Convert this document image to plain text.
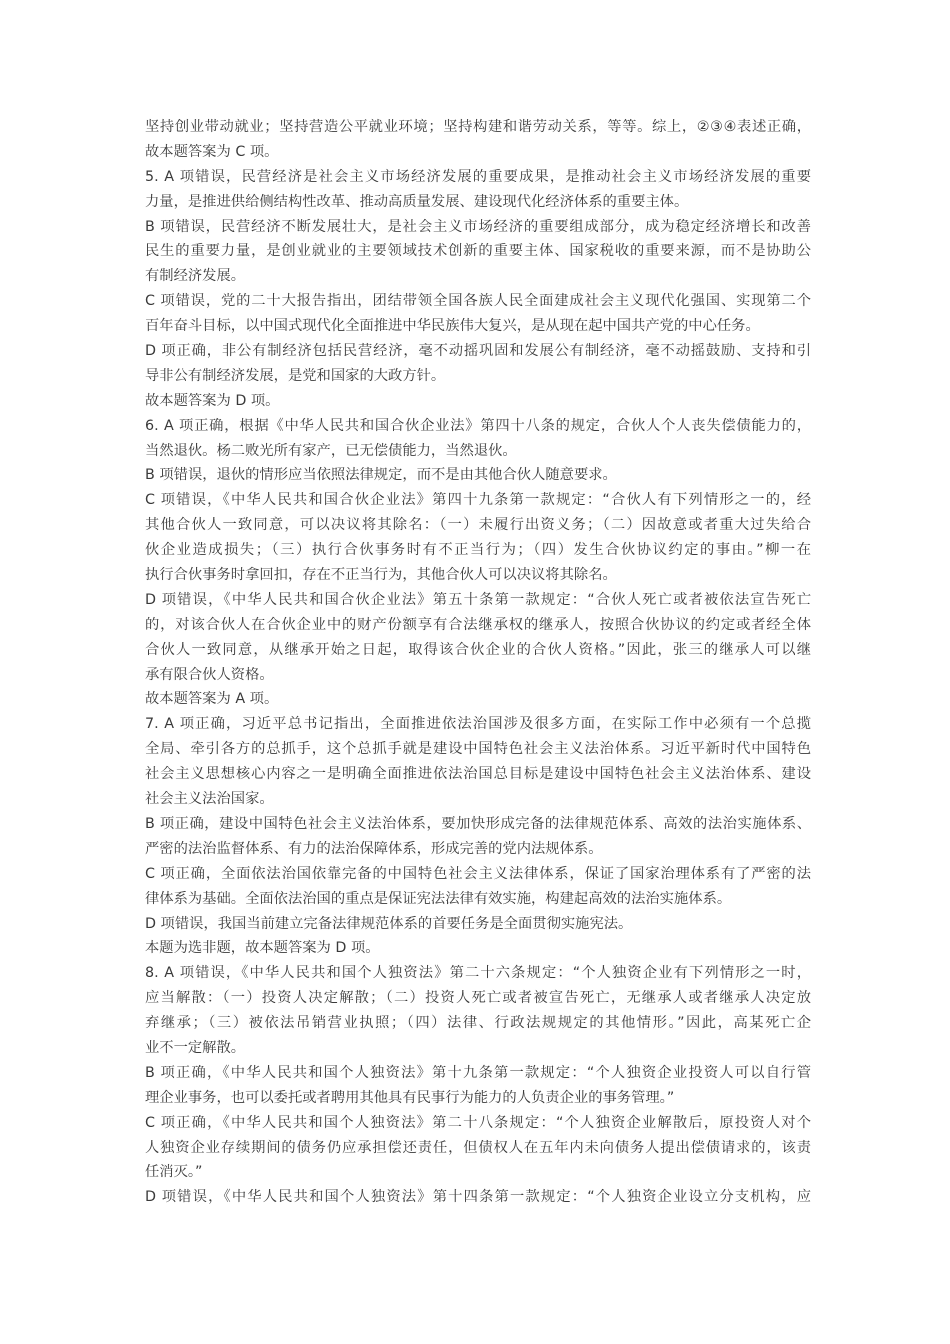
坚持创业带动就业；坚持营造公平就业环境；坚持构建和谐劳动关系，等等。综上，②③④表述正确，
故本题答案为 C 项。
5. A 项错误，民营经济是社会主义市场经济发展的重要成果，是推动社会主义市场经济发展的重要
力量，是推进供给侧结构性改革、推动高质量发展、建设现代化经济体系的重要主体。
B 项错误，民营经济不断发展壮大，是社会主义市场经济的重要组成部分，成为稳定经济增长和改善
民生的重要力量，是创业就业的主要领域技术创新的重要主体、国家税收的重要来源，而不是协助公
有制经济发展。
C 项错误，党的二十大报告指出，团结带领全国各族人民全面建成社会主义现代化强国、实现第二个
百年奋斗目标，以中国式现代化全面推进中华民族伟大复兴，是从现在起中国共产党的中心任务。
D 项正确，非公有制经济包括民营经济，毫不动摇巩固和发展公有制经济，毫不动摇鼓励、支持和引
导非公有制经济发展，是党和国家的大政方针。
故本题答案为 D 项。
6. A 项正确，根据《中华人民共和国合伙企业法》第四十八条的规定，合伙人个人丧失偿债能力的，
当然退伙。杨二败光所有家产，已无偿债能力，当然退伙。
B 项错误，退伙的情形应当依照法律规定，而不是由其他合伙人随意要求。
C 项错误，《中华人民共和国合伙企业法》第四十九条第一款规定：“合伙人有下列情形之一的，经
其他合伙人一致同意，可以决议将其除名：（一）未履行出资义务；（二）因故意或者重大过失给合
伙企业造成损失；（三）执行合伙事务时有不正当行为；（四）发生合伙协议约定的事由。”柳一在
执行合伙事务时拿回扣，存在不正当行为，其他合伙人可以决议将其除名。
D 项错误，《中华人民共和国合伙企业法》第五十条第一款规定：“合伙人死亡或者被依法宣告死亡
的，对该合伙人在合伙企业中的财产份额享有合法继承权的继承人，按照合伙协议的约定或者经全体
合伙人一致同意，从继承开始之日起，取得该合伙企业的合伙人资格。”因此，张三的继承人可以继
承有限合伙人资格。
故本题答案为 A 项。
7. A 项正确，习近平总书记指出，全面推进依法治国涉及很多方面，在实际工作中必须有一个总揽
全局、牵引各方的总抓手，这个总抓手就是建设中国特色社会主义法治体系。习近平新时代中国特色
社会主义思想核心内容之一是明确全面推进依法治国总目标是建设中国特色社会主义法治体系、建设
社会主义法治国家。
B 项正确，建设中国特色社会主义法治体系，要加快形成完备的法律规范体系、高效的法治实施体系、
严密的法治监督体系、有力的法治保障体系，形成完善的党内法规体系。
C 项正确，全面依法治国依靠完备的中国特色社会主义法律体系，保证了国家治理体系有了严密的法
律体系为基础。全面依法治国的重点是保证宪法法律有效实施，构建起高效的法治实施体系。
D 项错误，我国当前建立完备法律规范体系的首要任务是全面贯彻实施宪法。
本题为选非题，故本题答案为 D 项。
8. A 项错误，《中华人民共和国个人独资法》第二十六条规定：“个人独资企业有下列情形之一时，
应当解散：（一）投资人决定解散；（二）投资人死亡或者被宣告死亡，无继承人或者继承人决定放
弃继承；（三）被依法吊销营业执照；（四）法律、行政法规规定的其他情形。”因此，高某死亡企
业不一定解散。
B 项正确，《中华人民共和国个人独资法》第十九条第一款规定：“个人独资企业投资人可以自行管
理企业事务，也可以委托或者聘用其他具有民事行为能力的人负责企业的事务管理。”
C 项正确，《中华人民共和国个人独资法》第二十八条规定：“个人独资企业解散后，原投资人对个
人独资企业存续期间的债务仍应承担偿还责任，但债权人在五年内未向债务人提出偿债请求的，该责
任消灭。”
D 项错误，《中华人民共和国个人独资法》第十四条第一款规定：“个人独资企业设立分支机构，应
